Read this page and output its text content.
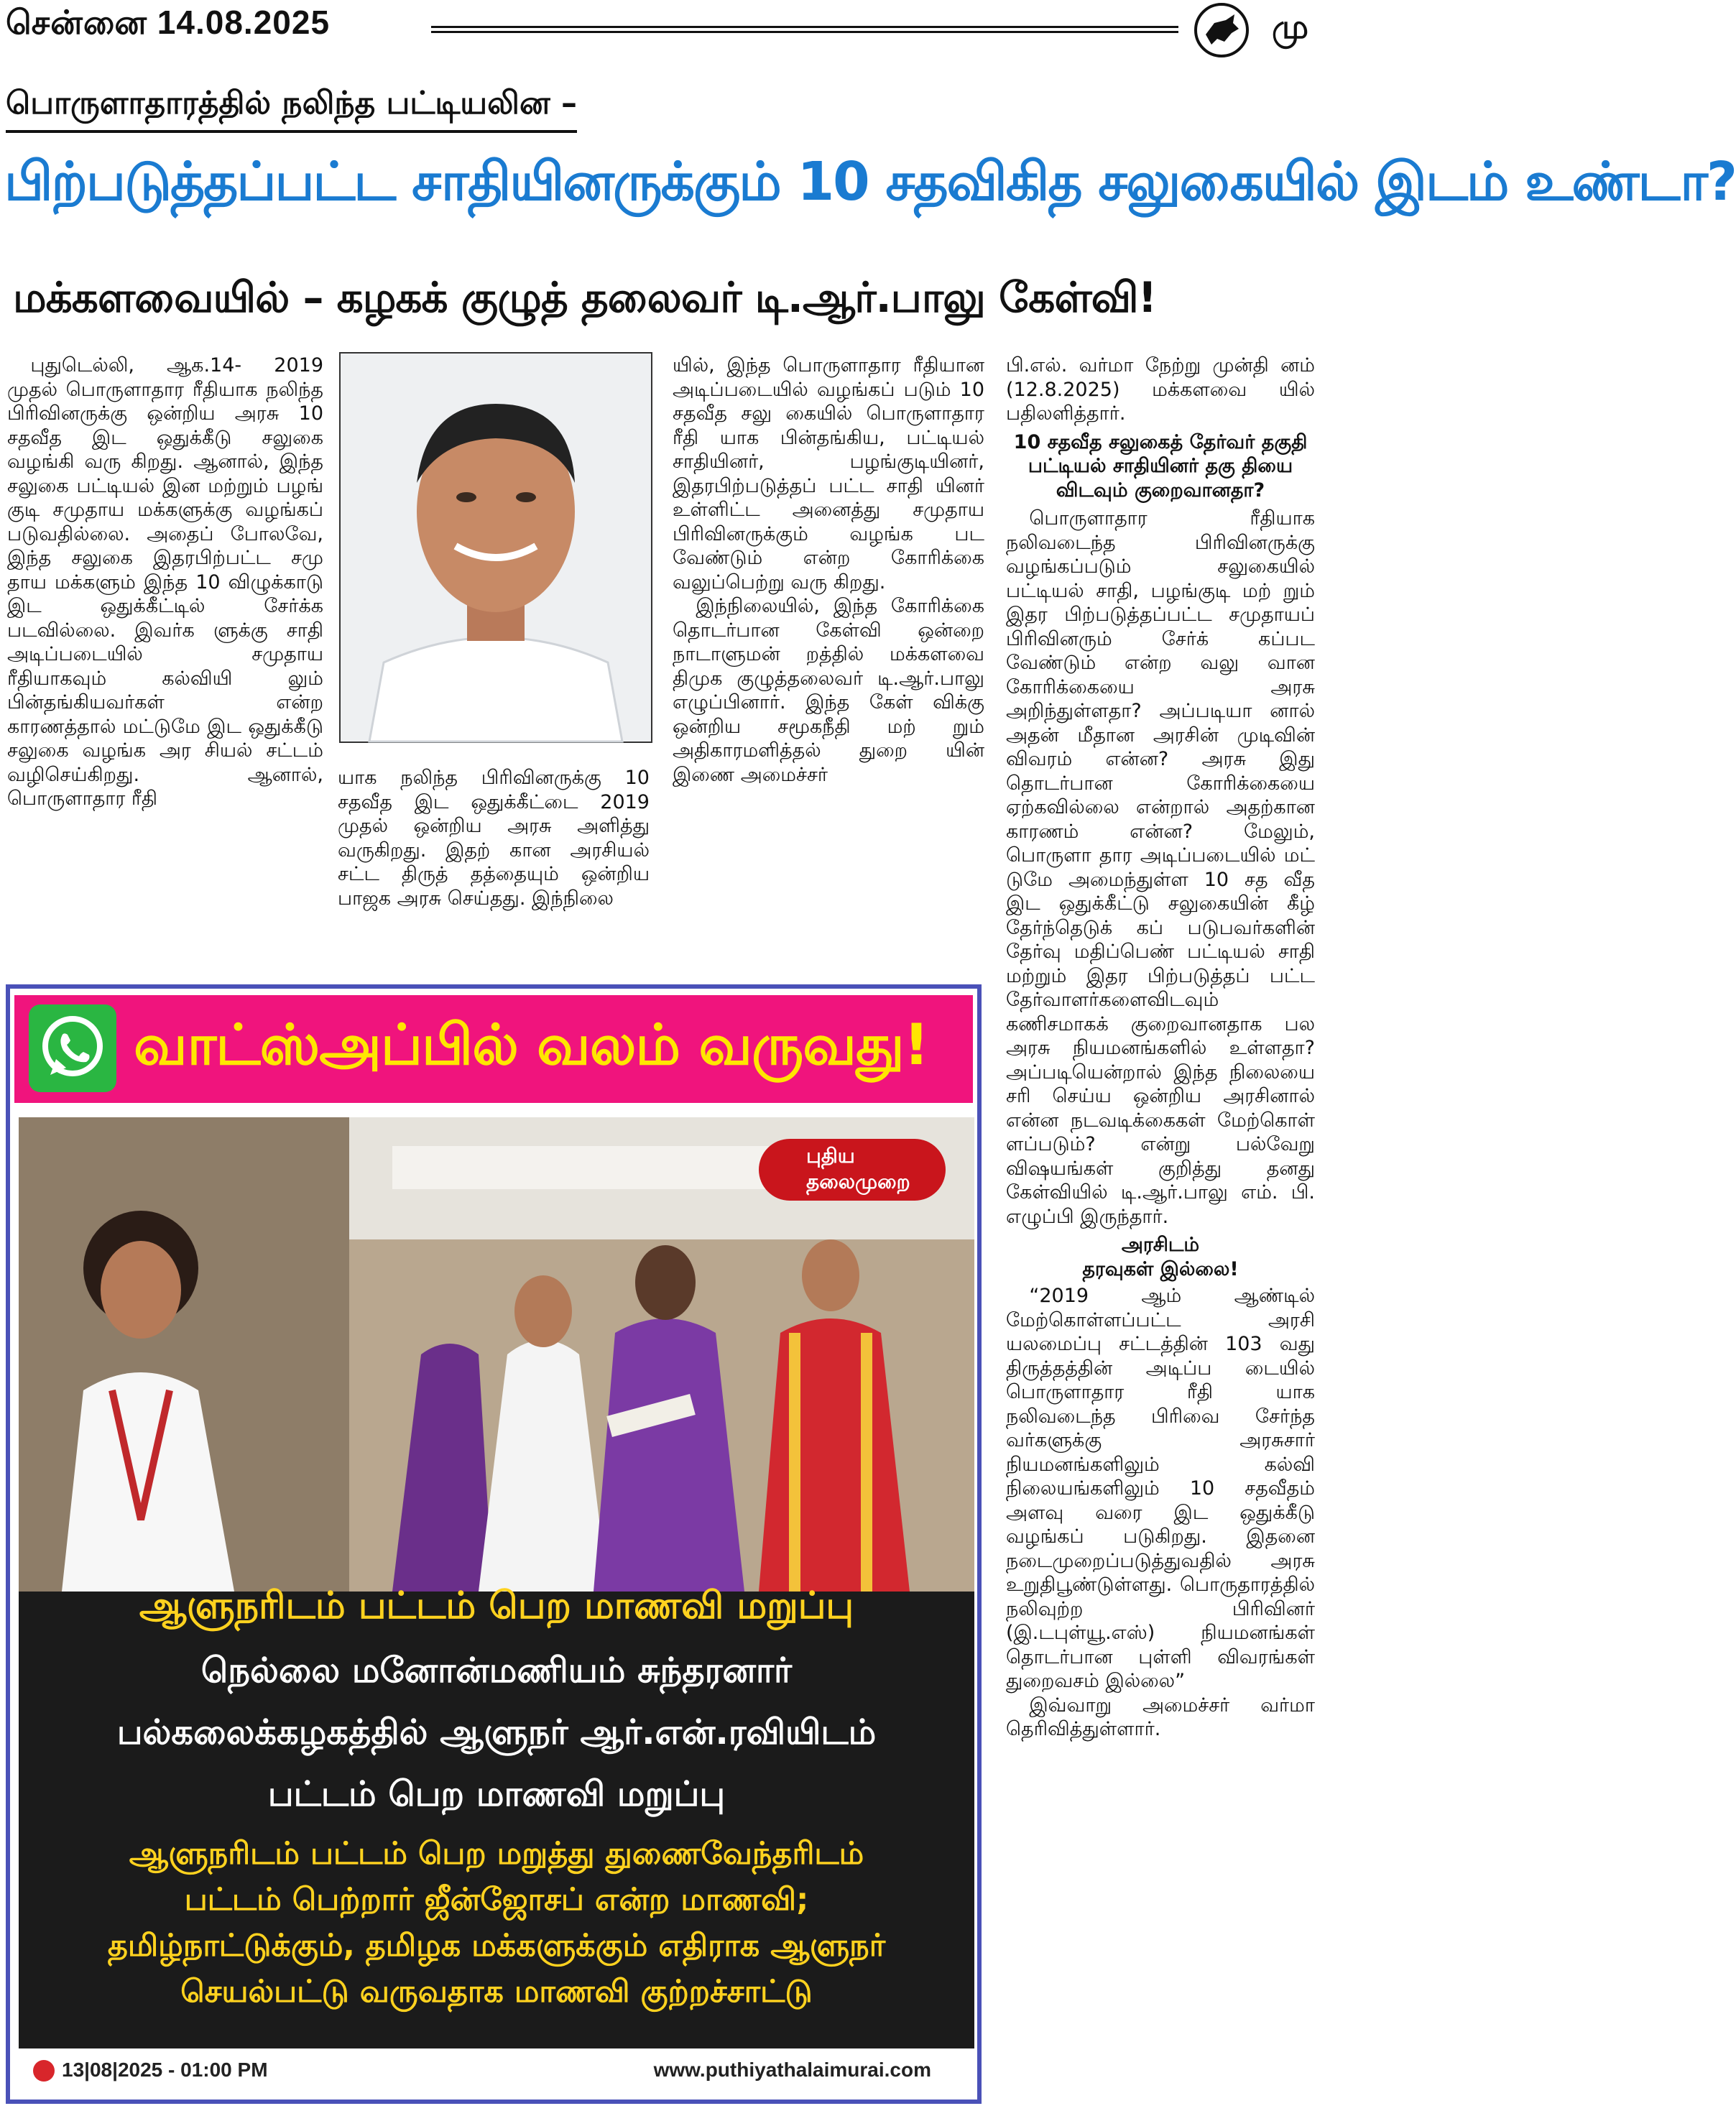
சென்னை 14.08.2025	மு
பொருளாதாரத்தில் நலிந்த பட்டியலின –
பிற்படுத்தப்பட்ட சாதியினருக்கும் 10 சதவிகித சலுகையில் இடம் உண்டா?
மக்களவையில் – கழகக் குழுத் தலைவர் டி.ஆர்.பாலு கேள்வி!

புதுடெல்லி, ஆக.14- 2019 முதல் பொருளாதார ரீதியாக நலிந்த பிரிவினருக்கு ஒன்றிய அரசு 10 சதவீத இட ஒதுக்கீடு சலுகை வழங்கி வரு கிறது. ஆனால், இந்த சலுகை பட்டியல் இன மற்றும் பழங் குடி சமுதாய மக்களுக்கு வழங்கப் படுவதில்லை. அதைப் போலவே, இந்த சலுகை இதரபிற்பட்ட சமு தாய மக்களும் இந்த 10 விழுக்காடு இட ஒதுக்கீட்டில் சேர்க்க படவில்லை. இவர்க ளுக்கு சாதி அடிப்படையில் சமுதாய ரீதியாகவும் கல்வியி லும் பின்தங்கியவர்கள் என்ற காரணத்தால் மட்டுமே இட ஒதுக்கீடு சலுகை வழங்க அர சியல் சட்டம் வழிசெய்கிறது. ஆனால், பொருளாதார ரீதி

யாக நலிந்த பிரிவினருக்கு 10 சதவீத இட ஒதுக்கீட்டை 2019 முதல் ஒன்றிய அரசு அளித்து வருகிறது. இதற் கான அரசியல் சட்ட திருத் தத்தையும் ஒன்றிய பாஜக அரசு செய்தது. இந்நிலை

யில், இந்த பொருளாதார ரீதியான அடிப்படையில் வழங்கப் படும் 10 சதவீத சலு கையில் பொருளாதார ரீதி யாக பின்தங்கிய, பட்டியல் சாதியினர், பழங்குடியினர், இதரபிற்படுத்தப் பட்ட சாதி யினர் உள்ளிட்ட அனைத்து சமுதாய பிரிவினருக்கும் வழங்க பட வேண்டும் என்ற கோரிக்கை வலுப்பெற்று வரு கிறது.

இந்நிலையில், இந்த கோரிக்கை தொடர்பான கேள்வி ஒன்றை நாடாளுமன் றத்தில் மக்களவை திமுக குழுத்தலைவர் டி.ஆர்.பாலு எழுப்பினார். இந்த கேள் விக்கு ஒன்றிய சமூகநீதி மற் றும் அதிகாரமளித்தல் துறை யின் இணை அமைச்சர்

பி.எல். வர்மா நேற்று முன்தி னம் (12.8.2025) மக்களவை யில் பதிலளித்தார்.

10 சதவீத சலுகைத் தேர்வர் தகுதி பட்டியல் சாதியினர் தகு தியை விடவும் குறைவானதா?

பொருளாதார ரீதியாக நலிவடைந்த பிரிவினருக்கு வழங்கப்படும் சலுகையில் பட்டியல் சாதி, பழங்குடி மற் றும் இதர பிற்படுத்தப்பட்ட சமுதாயப் பிரிவினரும் சேர்க் கப்பட வேண்டும் என்ற வலு வான கோரிக்கையை அரசு அறிந்துள்ளதா? அப்படியா னால் அதன் மீதான அரசின் முடிவின் விவரம் என்ன? அரசு இது தொடர்பான கோரிக்கையை ஏற்கவில்லை என்றால் அதற்கான காரணம் என்ன? மேலும், பொருளா தார அடிப்படையில் மட் டுமே அமைந்துள்ள 10 சத வீத இட ஒதுக்கீட்டு சலுகையின் கீழ் தேர்ந்தெடுக் கப் படுபவர்களின் தேர்வு மதிப்பெண் பட்டியல் சாதி மற்றும் இதர பிற்படுத்தப் பட்ட தேர்வாளர்களைவிடவும் கணிசமாகக் குறைவானதாக பல அரசு நியமனங்களில் உள்ளதா?அப்படியென்றால் இந்த நிலையை சரி செய்ய ஒன்றிய அரசினால் என்ன நடவடிக்கைகள் மேற்கொள் ளப்படும்? என்று பல்வேறு விஷயங்கள் குறித்து தனது கேள்வியில் டி.ஆர்.பாலு எம். பி. எழுப்பி இருந்தார்.

அரசிடம்

தரவுகள் இல்லை!

“2019 ஆம் ஆண்டில் மேற்கொள்ளப்பட்ட அரசி யலமைப்பு சட்டத்தின் 103 வது திருத்தத்தின் அடிப்ப டையில் பொருளாதார ரீதி யாக நலிவடைந்த பிரிவை சேர்ந்த வர்களுக்கு அரசுசார் நியமனங்களிலும் கல்வி நிலையங்களிலும் 10 சதவீதம் அளவு வரை இட ஒதுக்கீடு வழங்கப் படுகிறது. இதனை நடைமுறைப்படுத்துவதில் அரசு உறுதிபூண்டுள்ளது. பொருதாரத்தில் நலிவுற்ற பிரிவினர் (இ.டபுள்யூ.எஸ்) நியமனங்கள் தொடர்பான புள்ளி விவரங்கள் துறைவசம் இல்லை”

இவ்வாறு அமைச்சர் வர்மா தெரிவித்துள்ளார்.

வாட்ஸ்அப்பில் வலம் வருவது!
புதிய
தலைமுறை
ஆளுநரிடம் பட்டம் பெற மாணவி மறுப்பு
நெல்லை மனோன்மணியம் சுந்தரனார்
பல்கலைக்கழகத்தில் ஆளுநர் ஆர்.என்.ரவியிடம்
பட்டம் பெற மாணவி மறுப்பு
ஆளுநரிடம் பட்டம் பெற மறுத்து துணைவேந்தரிடம்
பட்டம் பெற்றார் ஜீன்ஜோசப் என்ற மாணவி;
தமிழ்நாட்டுக்கும், தமிழக மக்களுக்கும் எதிராக ஆளுநர்
செயல்பட்டு வருவதாக மாணவி குற்றச்சாட்டு
13|08|2025 - 01:00 PM	www.puthiyathalaimurai.com
